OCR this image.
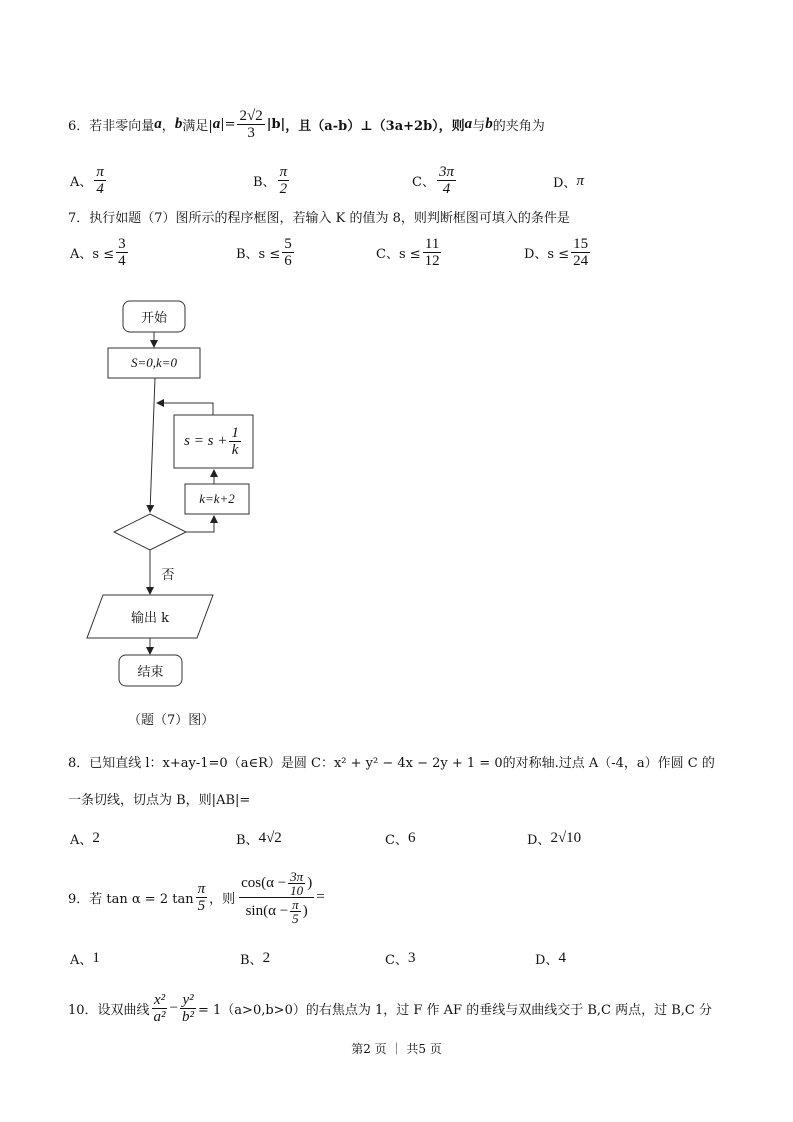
6． 若非零向量 a ， b 满足| a |= $\frac{2√2}{3} |b|$ ，且（a-b）⊥（3a+2b），则 a 与 b 的夹角为
A、 $\frac{\pi}{4}$	B、 $\frac{\pi}{2}$	C、 $\frac{3\pi}{4}$	D、 π
7．执行如题（7）图所示的程序框图，若输入 K 的值为 8，则判断框图可填入的条件是
A、$s \le \frac{3}{4}$	B、$s \le \frac{5}{6}$	C、$s \le \frac{11}{12}$	D、$s \le \frac{15}{24}$
开始
S=0,k=0
$s = s + \frac{1}{k}$
k=k+2
否
输出 k
结束
（题（7）图）
8．已知直线 l：x+ay-1=0（a∈R）是圆 C：x² + y² − 4x − 2y + 1 = 0的对称轴.过点 A（-4，a）作圆 C 的
一条切线，切点为 B，则|AB|=
A、 2	B、 4√2	C、 6	D、 2√10
9．若 tan α = 2 $\tan \frac{\pi}{5}$ ，则 $\frac{\cos(\alpha - \frac{3\pi}{10} )}{\sin(\alpha - \frac{\pi}{5} )}$ =
A、 1	B、 2	C、 3	D、 4
10．设双曲线 $\frac{\text{x²}}{\text{a²}} - \frac{\text{y²}}{\text{b²}} = 1(a>0,b>0)$的右焦点为 1，过 F 作 AF 的垂线与双曲线交于 B,C 两点，过 B,C 分
第2 页 ｜ 共5 页
